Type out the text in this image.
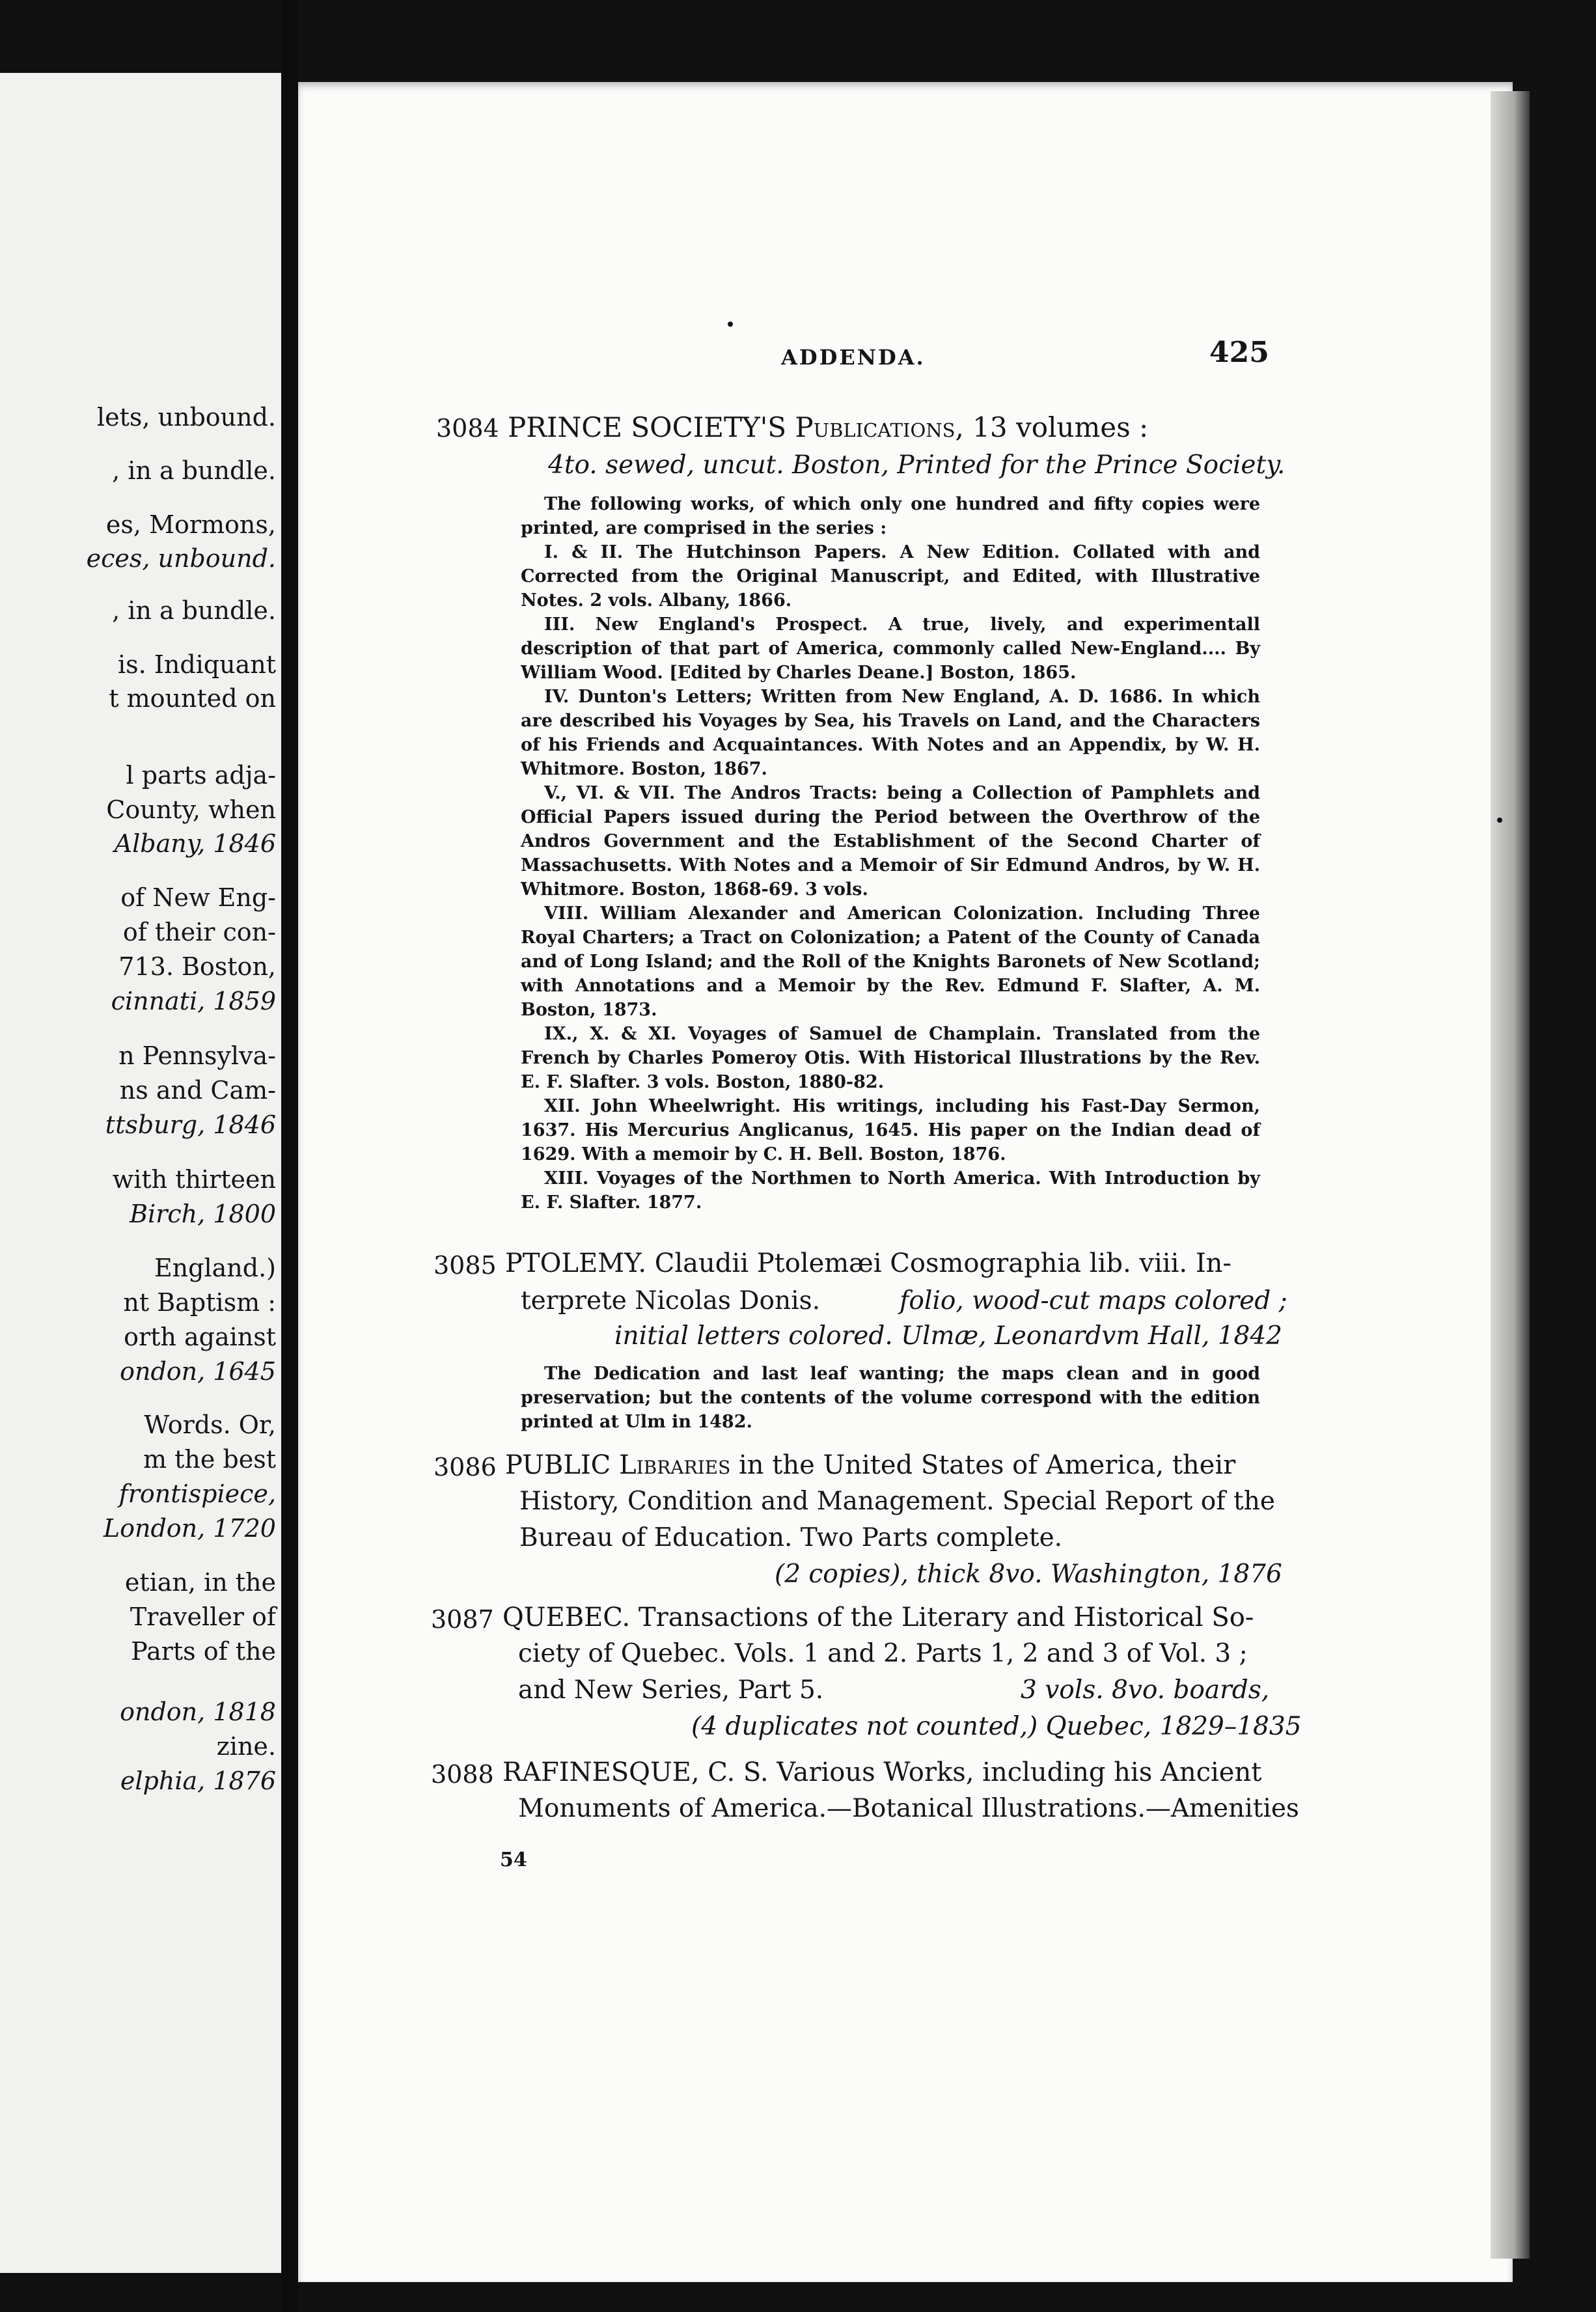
lets, unbound.
, in a bundle.
es, Mormons,
eces, unbound.
, in a bundle.
is. Indiquant
t mounted on
l parts adja-
County, when
Albany, 1846
of New Eng-
of their con-
713. Boston,
cinnati, 1859
n Pennsylva-
ns and Cam-
ttsburg, 1846
with thirteen
Birch, 1800
England.)
nt Baptism :
orth against
ondon, 1645
Words. Or,
m the best
frontispiece,
London, 1720
etian, in the
Traveller of
Parts of the
ondon, 1818
zine.
elphia, 1876
ADDENDA.	425
3084 PRINCE SOCIETY'S Publications, 13 volumes :
4to. sewed, uncut. Boston, Printed for the Prince Society.

The following works, of which only one hundred and fifty copies were printed, are comprised in the series :

I. & II. The Hutchinson Papers. A New Edition. Collated with and Corrected from the Original Manuscript, and Edited, with Illustrative Notes. 2 vols. Albany, 1866.

III. New England's Prospect. A true, lively, and experimentall description of that part of America, commonly called New-England.... By William Wood. [Edited by Charles Deane.] Boston, 1865.

IV. Dunton's Letters; Written from New England, A. D. 1686. In which are described his Voyages by Sea, his Travels on Land, and the Characters of his Friends and Acquaintances. With Notes and an Appendix, by W. H. Whitmore. Boston, 1867.

V., VI. & VII. The Andros Tracts: being a Collection of Pamphlets and Official Papers issued during the Period between the Overthrow of the Andros Government and the Establishment of the Second Charter of Massachusetts. With Notes and a Memoir of Sir Edmund Andros, by W. H. Whitmore. Boston, 1868-69. 3 vols.

VIII. William Alexander and American Colonization. Including Three Royal Charters; a Tract on Colonization; a Patent of the County of Canada and of Long Island; and the Roll of the Knights Baronets of New Scotland; with Annotations and a Memoir by the Rev. Edmund F. Slafter, A. M. Boston, 1873.

IX., X. & XI. Voyages of Samuel de Champlain. Translated from the French by Charles Pomeroy Otis. With Historical Illustrations by the Rev. E. F. Slafter. 3 vols. Boston, 1880-82.

XII. John Wheelwright. His writings, including his Fast-Day Sermon, 1637. His Mercurius Anglicanus, 1645. His paper on the Indian dead of 1629. With a memoir by C. H. Bell. Boston, 1876.

XIII. Voyages of the Northmen to North America. With Introduction by E. F. Slafter. 1877.

3085 PTOLEMY. Claudii Ptolemæi Cosmographia lib. viii. In-
terprete Nicolas Donis.	folio, wood-cut maps colored ;
initial letters colored. Ulmæ, Leonardvm Hall, 1842

The Dedication and last leaf wanting; the maps clean and in good preservation; but the contents of the volume correspond with the edition printed at Ulm in 1482.

3086 PUBLIC Libraries in the United States of America, their
History, Condition and Management. Special Report of the
Bureau of Education. Two Parts complete.
(2 copies), thick 8vo. Washington, 1876
3087 QUEBEC. Transactions of the Literary and Historical So-
ciety of Quebec. Vols. 1 and 2. Parts 1, 2 and 3 of Vol. 3 ;
and New Series, Part 5.	3 vols. 8vo. boards,
(4 duplicates not counted,) Quebec, 1829–1835
3088 RAFINESQUE, C. S. Various Works, including his Ancient
Monuments of America.—Botanical Illustrations.—Amenities
54
